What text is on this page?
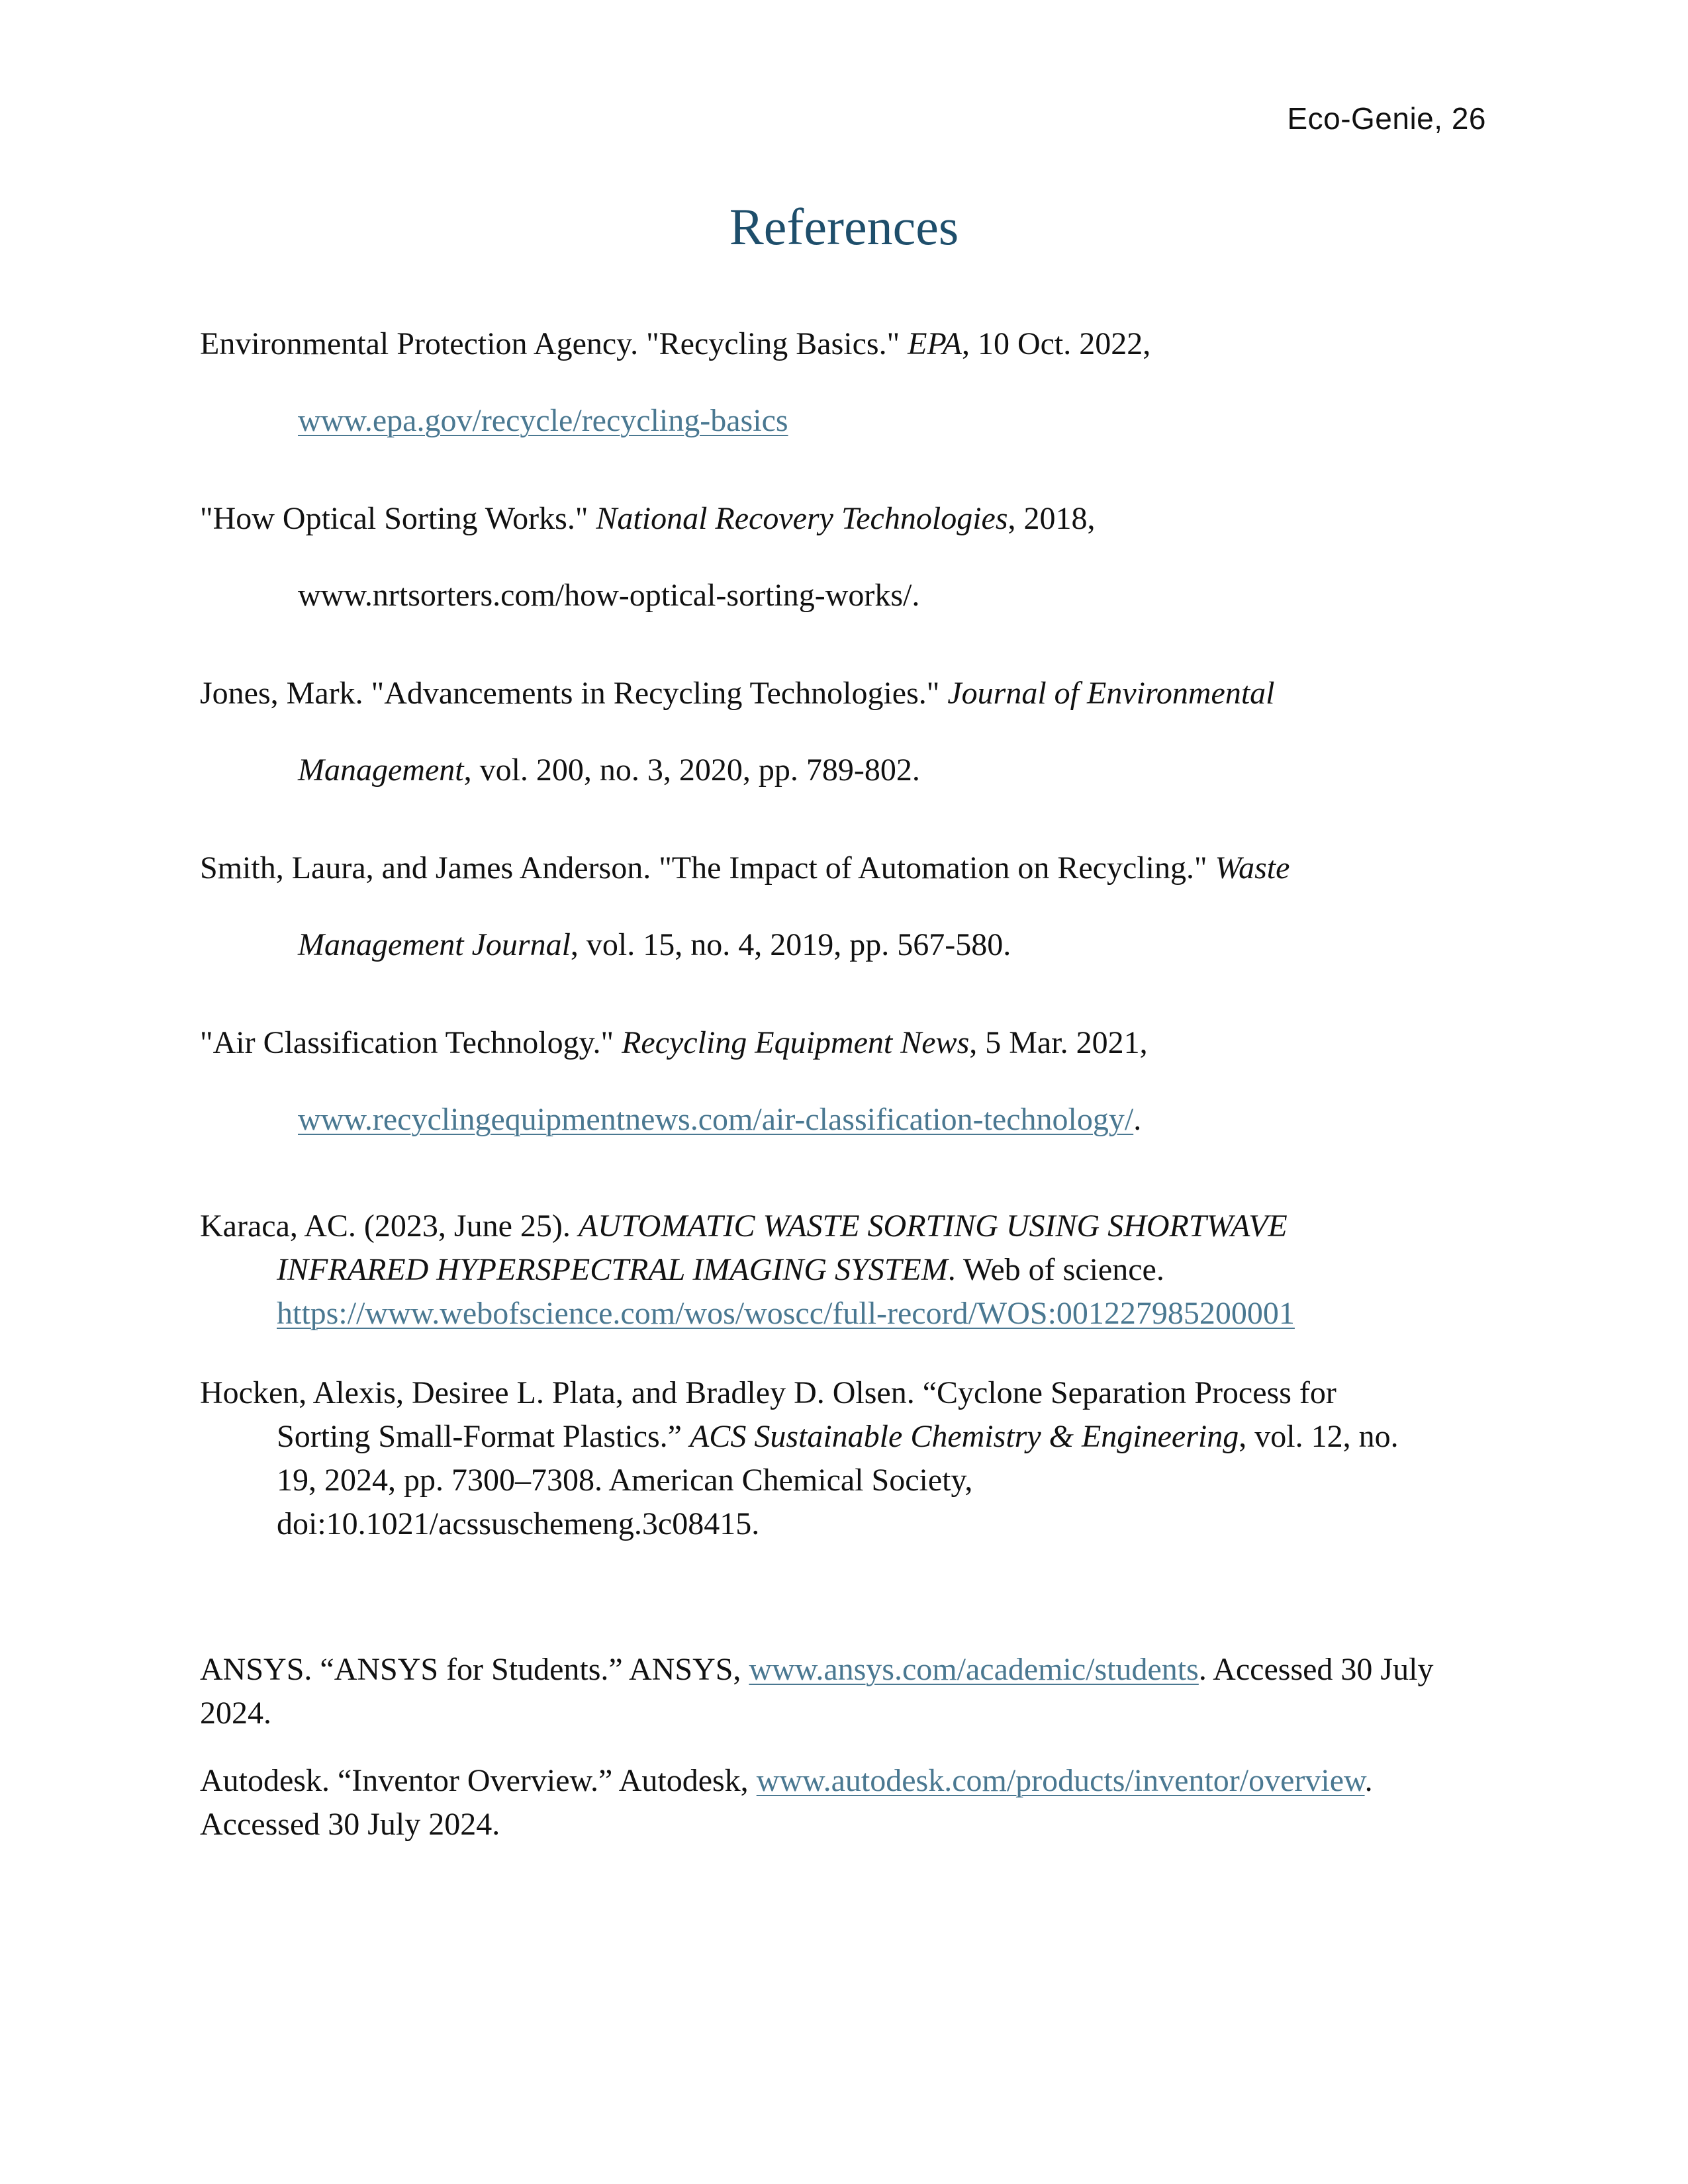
Eco-Genie, 26
References
Environmental Protection Agency. "Recycling Basics." EPA, 10 Oct. 2022,
www.epa.gov/recycle/recycling-basics
"How Optical Sorting Works." National Recovery Technologies, 2018,
www.nrtsorters.com/how-optical-sorting-works/.
Jones, Mark. "Advancements in Recycling Technologies." Journal of Environmental
Management, vol. 200, no. 3, 2020, pp. 789-802.
Smith, Laura, and James Anderson. "The Impact of Automation on Recycling." Waste
Management Journal, vol. 15, no. 4, 2019, pp. 567-580.
"Air Classification Technology." Recycling Equipment News, 5 Mar. 2021,
www.recyclingequipmentnews.com/air-classification-technology/.
Karaca, AC. (2023, June 25). AUTOMATIC WASTE SORTING USING SHORTWAVE
INFRARED HYPERSPECTRAL IMAGING SYSTEM. Web of science.
https://www.webofscience.com/wos/woscc/full-record/WOS:001227985200001
Hocken, Alexis, Desiree L. Plata, and Bradley D. Olsen. “Cyclone Separation Process for
Sorting Small-Format Plastics.” ACS Sustainable Chemistry & Engineering, vol. 12, no.
19, 2024, pp. 7300–7308. American Chemical Society,
doi:10.1021/acssuschemeng.3c08415.
ANSYS. “ANSYS for Students.” ANSYS, www.ansys.com/academic/students. Accessed 30 July
2024.
Autodesk. “Inventor Overview.” Autodesk, www.autodesk.com/products/inventor/overview.
Accessed 30 July 2024.
